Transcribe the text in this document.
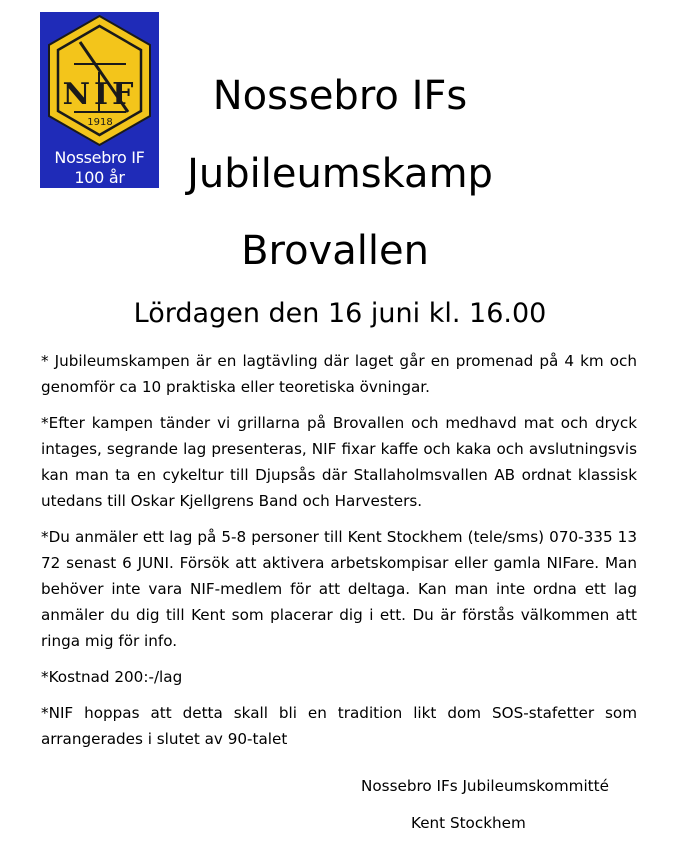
NIF
1918
Nossebro IF
100 år
Nossebro IFs
Jubileumskamp
Brovallen
Lördagen den 16 juni kl. 16.00

* Jubileumskampen är en lagtävling där laget går en promenad på 4 km och genomför ca 10 praktiska eller teoretiska övningar.

*Efter kampen tänder vi grillarna på Brovallen och medhavd mat och dryck intages, segrande lag presenteras, NIF fixar kaffe och kaka och avslutningsvis kan man ta en cykeltur till Djupsås där Stallaholmsvallen AB ordnat klassisk utedans till Oskar Kjellgrens Band och Harvesters.

*Du anmäler ett lag på 5-8 personer till Kent Stockhem (tele/sms) 070-335 13 72 senast 6 JUNI. Försök att aktivera arbetskompisar eller gamla NIFare. Man behöver inte vara NIF-medlem för att deltaga. Kan man inte ordna ett lag anmäler du dig till Kent som placerar dig i ett. Du är förstås välkommen att ringa mig för info.

*Kostnad 200:-/lag

*NIF hoppas att detta skall bli en tradition likt dom SOS-stafetter som arrangerades i slutet av 90-talet

Nossebro IFs Jubileumskommitté
Kent Stockhem
